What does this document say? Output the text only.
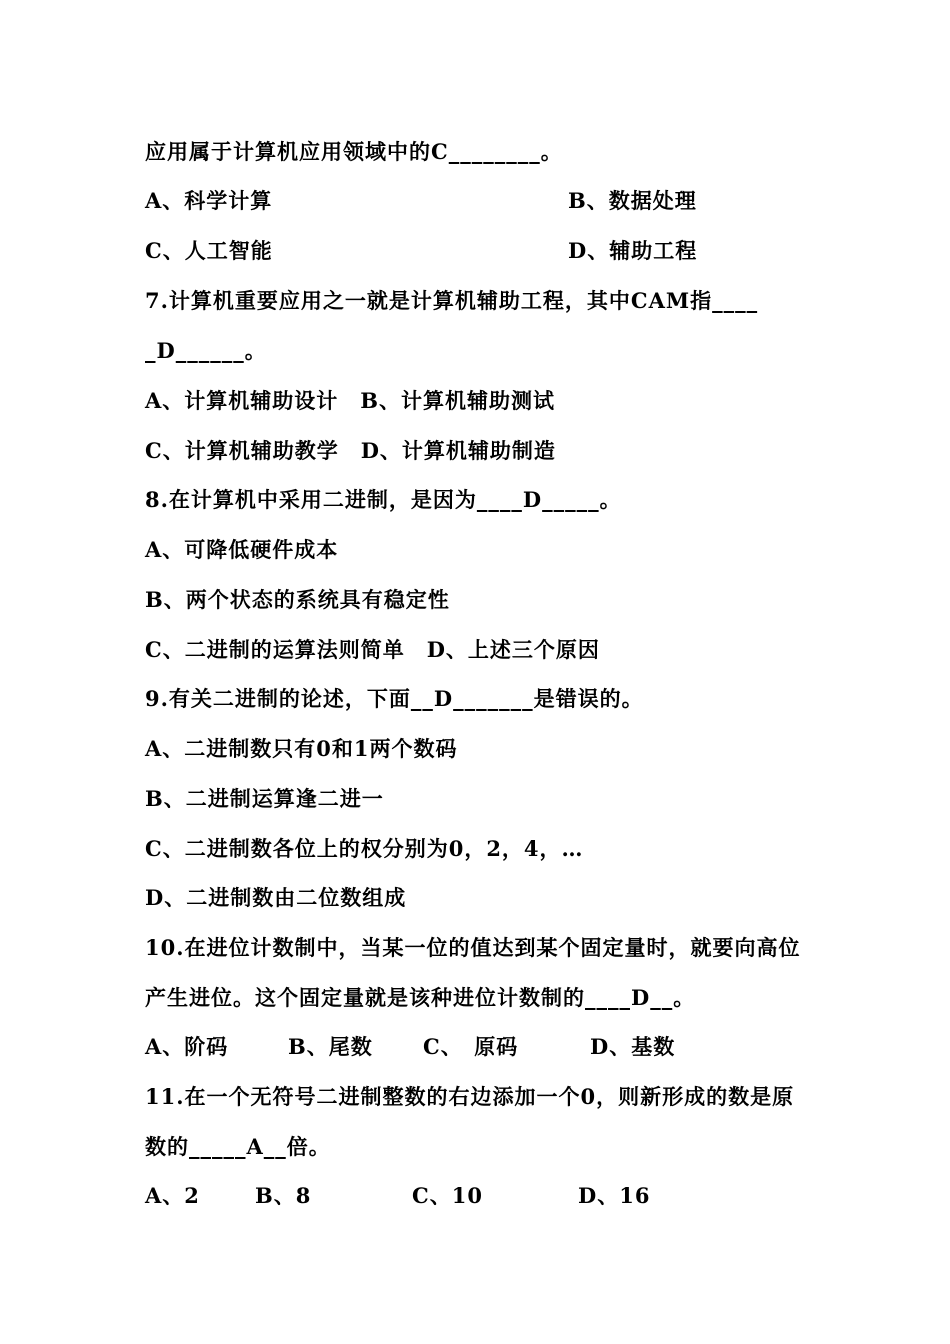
应用属于计算机应用领域中的C________。
A、科学计算	B、数据处理
C、人工智能	D、辅助工程
7.计算机重要应用之一就是计算机辅助工程，其中CAM指____
_D______。
A、计算机辅助设计　B、计算机辅助测试
C、计算机辅助教学　D、计算机辅助制造
8.在计算机中采用二进制，是因为____D_____。
A、可降低硬件成本
B、两个状态的系统具有稳定性
C、二进制的运算法则简单　D、上述三个原因
9.有关二进制的论述，下面__D_______是错误的。
A、二进制数只有0和1两个数码
B、二进制运算逢二进一
C、二进制数各位上的权分别为0，2，4，…
D、二进制数由二位数组成
10.在进位计数制中，当某一位的值达到某个固定量时，就要向高位
产生进位。这个固定量就是该种进位计数制的____D__。
A、阶码	B、尾数 C、　原码	D、基数
11.在一个无符号二进制整数的右边添加一个0，则新形成的数是原
数的_____A__倍。
A、2	B、8	C、10	D、16
